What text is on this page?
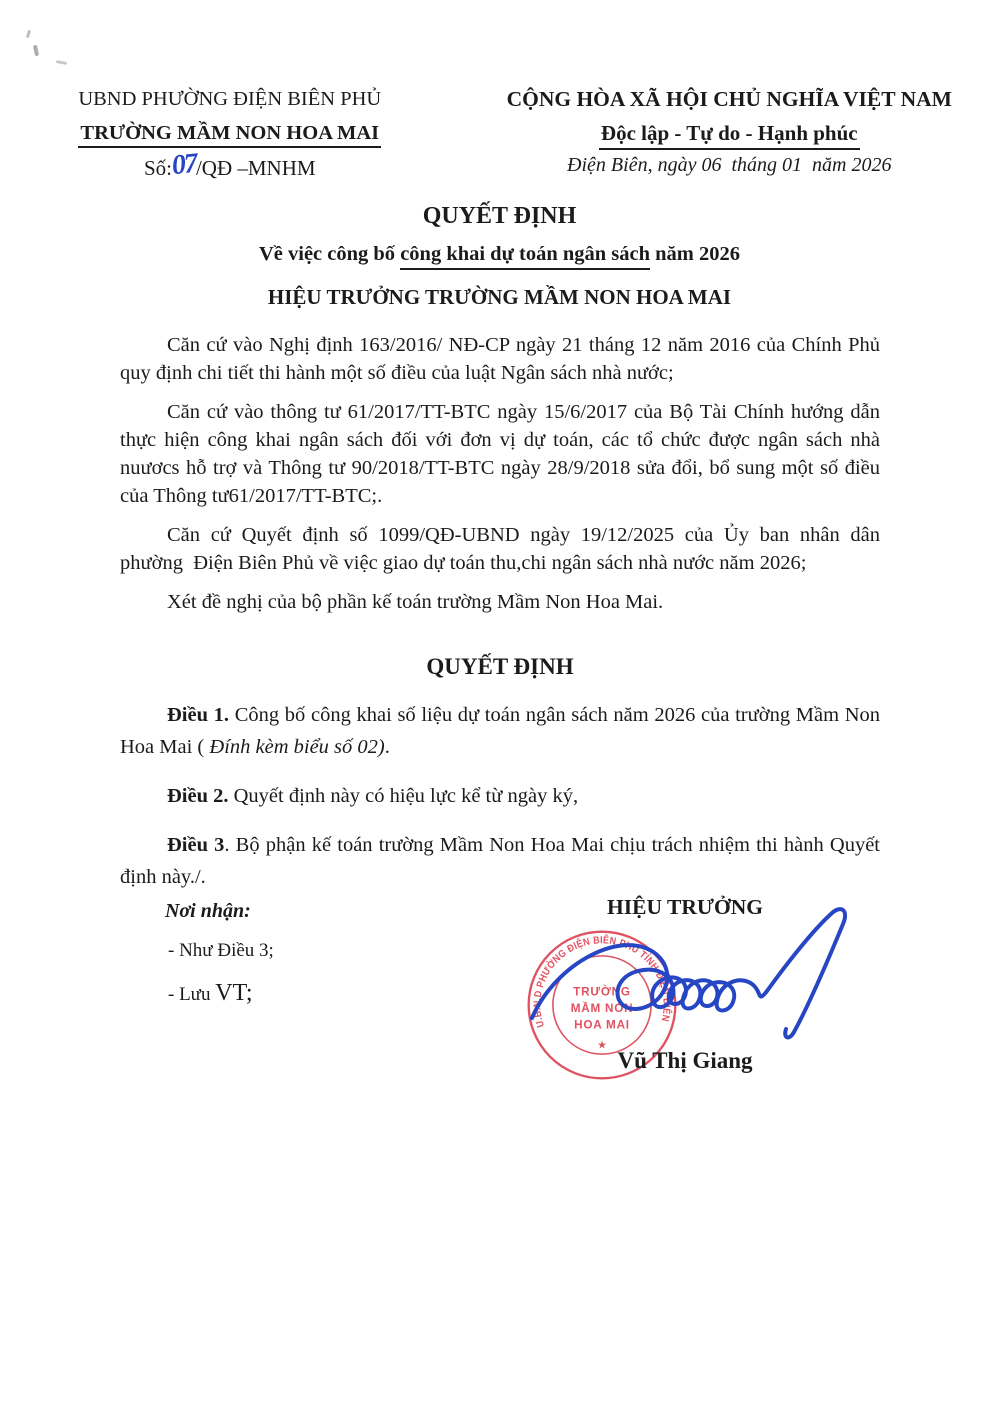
UBND PHƯỜNG ĐIỆN BIÊN PHỦ
TRƯỜNG MẦM NON HOA MAI
Số:07/QĐ –MNHM
CỘNG HÒA XÃ HỘI CHỦ NGHĨA VIỆT NAM
Độc lập - Tự do - Hạnh phúc
Điện Biên, ngày 06  tháng 01  năm 2026
QUYẾT ĐỊNH
Về việc công bố công khai dự toán ngân sách năm 2026
HIỆU TRƯỞNG TRƯỜNG MẦM NON HOA MAI

Căn cứ vào Nghị định 163/2016/ NĐ-CP ngày 21 tháng 12 năm 2016 của Chính Phủ quy định chi tiết thi hành một số điều của luật Ngân sách nhà nước;

Căn cứ vào thông tư 61/2017/TT-BTC ngày 15/6/2017 của Bộ Tài Chính hướng dẫn thực hiện công khai ngân sách đối với đơn vị dự toán, các tổ chức được ngân sách nhà nuươcs hỗ trợ và Thông tư 90/2018/TT-BTC ngày 28/9/2018 sửa đổi, bổ sung một số điều của Thông tư61/2017/TT-BTC;.

Căn cứ Quyết định số 1099/QĐ-UBND ngày 19/12/2025 của Ủy ban nhân dân phường  Điện Biên Phủ về việc giao dự toán thu,chi ngân sách nhà nước năm 2026;

Xét đề nghị của bộ phần kế toán trường Mầm Non Hoa Mai.

QUYẾT ĐỊNH

Điều 1. Công bố công khai số liệu dự toán ngân sách năm 2026 của trường Mầm Non Hoa Mai ( Đính kèm biểu số 02).

Điều 2. Quyết định này có hiệu lực kể từ ngày ký,

Điều 3. Bộ phận kế toán trường Mầm Non Hoa Mai chịu trách nhiệm thi hành Quyết định này./.

Nơi nhận:
- Như Điều 3;
- Lưu VT;
HIỆU TRƯỞNG
U.B.N.D PHƯỜNG ĐIỆN BIÊN PHỦ TỈNH ĐIỆN BIÊN
TRƯỜNG
MẦM NON
HOA MAI
★
Vũ Thị Giang
